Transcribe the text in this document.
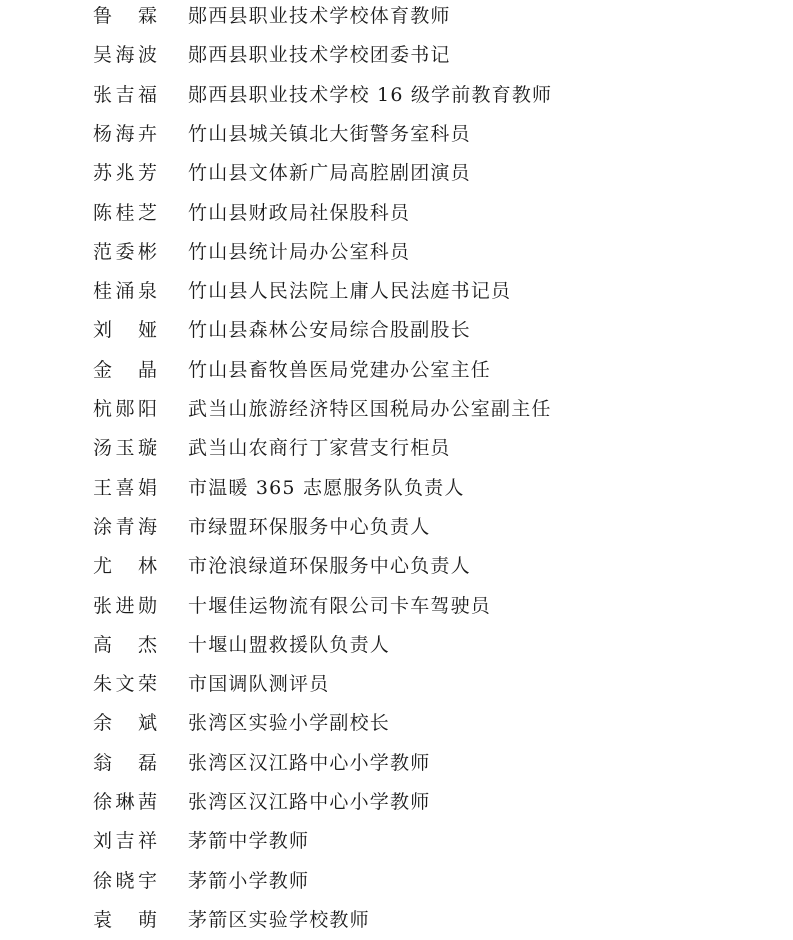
鲁 霖 郧西县职业技术学校体育教师
吴 海 波 郧西县职业技术学校团委书记
张 吉 福 郧西县职业技术学校 16 级学前教育教师
杨 海 卉 竹山县城关镇北大街警务室科员
苏 兆 芳 竹山县文体新广局高腔剧团演员
陈 桂 芝 竹山县财政局社保股科员
范 委 彬 竹山县统计局办公室科员
桂 涌 泉 竹山县人民法院上庸人民法庭书记员
刘 娅 竹山县森林公安局综合股副股长
金 晶 竹山县畜牧兽医局党建办公室主任
杭 郧 阳 武当山旅游经济特区国税局办公室副主任
汤 玉 璇 武当山农商行丁家营支行柜员
王 喜 娟 市温暖 365 志愿服务队负责人
涂 青 海 市绿盟环保服务中心负责人
尤 林 市沧浪绿道环保服务中心负责人
张 进 勋 十堰佳运物流有限公司卡车驾驶员
高 杰 十堰山盟救援队负责人
朱 文 荣 市国调队测评员
余 斌 张湾区实验小学副校长
翁 磊 张湾区汉江路中心小学教师
徐 琳 茜 张湾区汉江路中心小学教师
刘 吉 祥 茅箭中学教师
徐 晓 宇 茅箭小学教师
袁 萌 茅箭区实验学校教师
